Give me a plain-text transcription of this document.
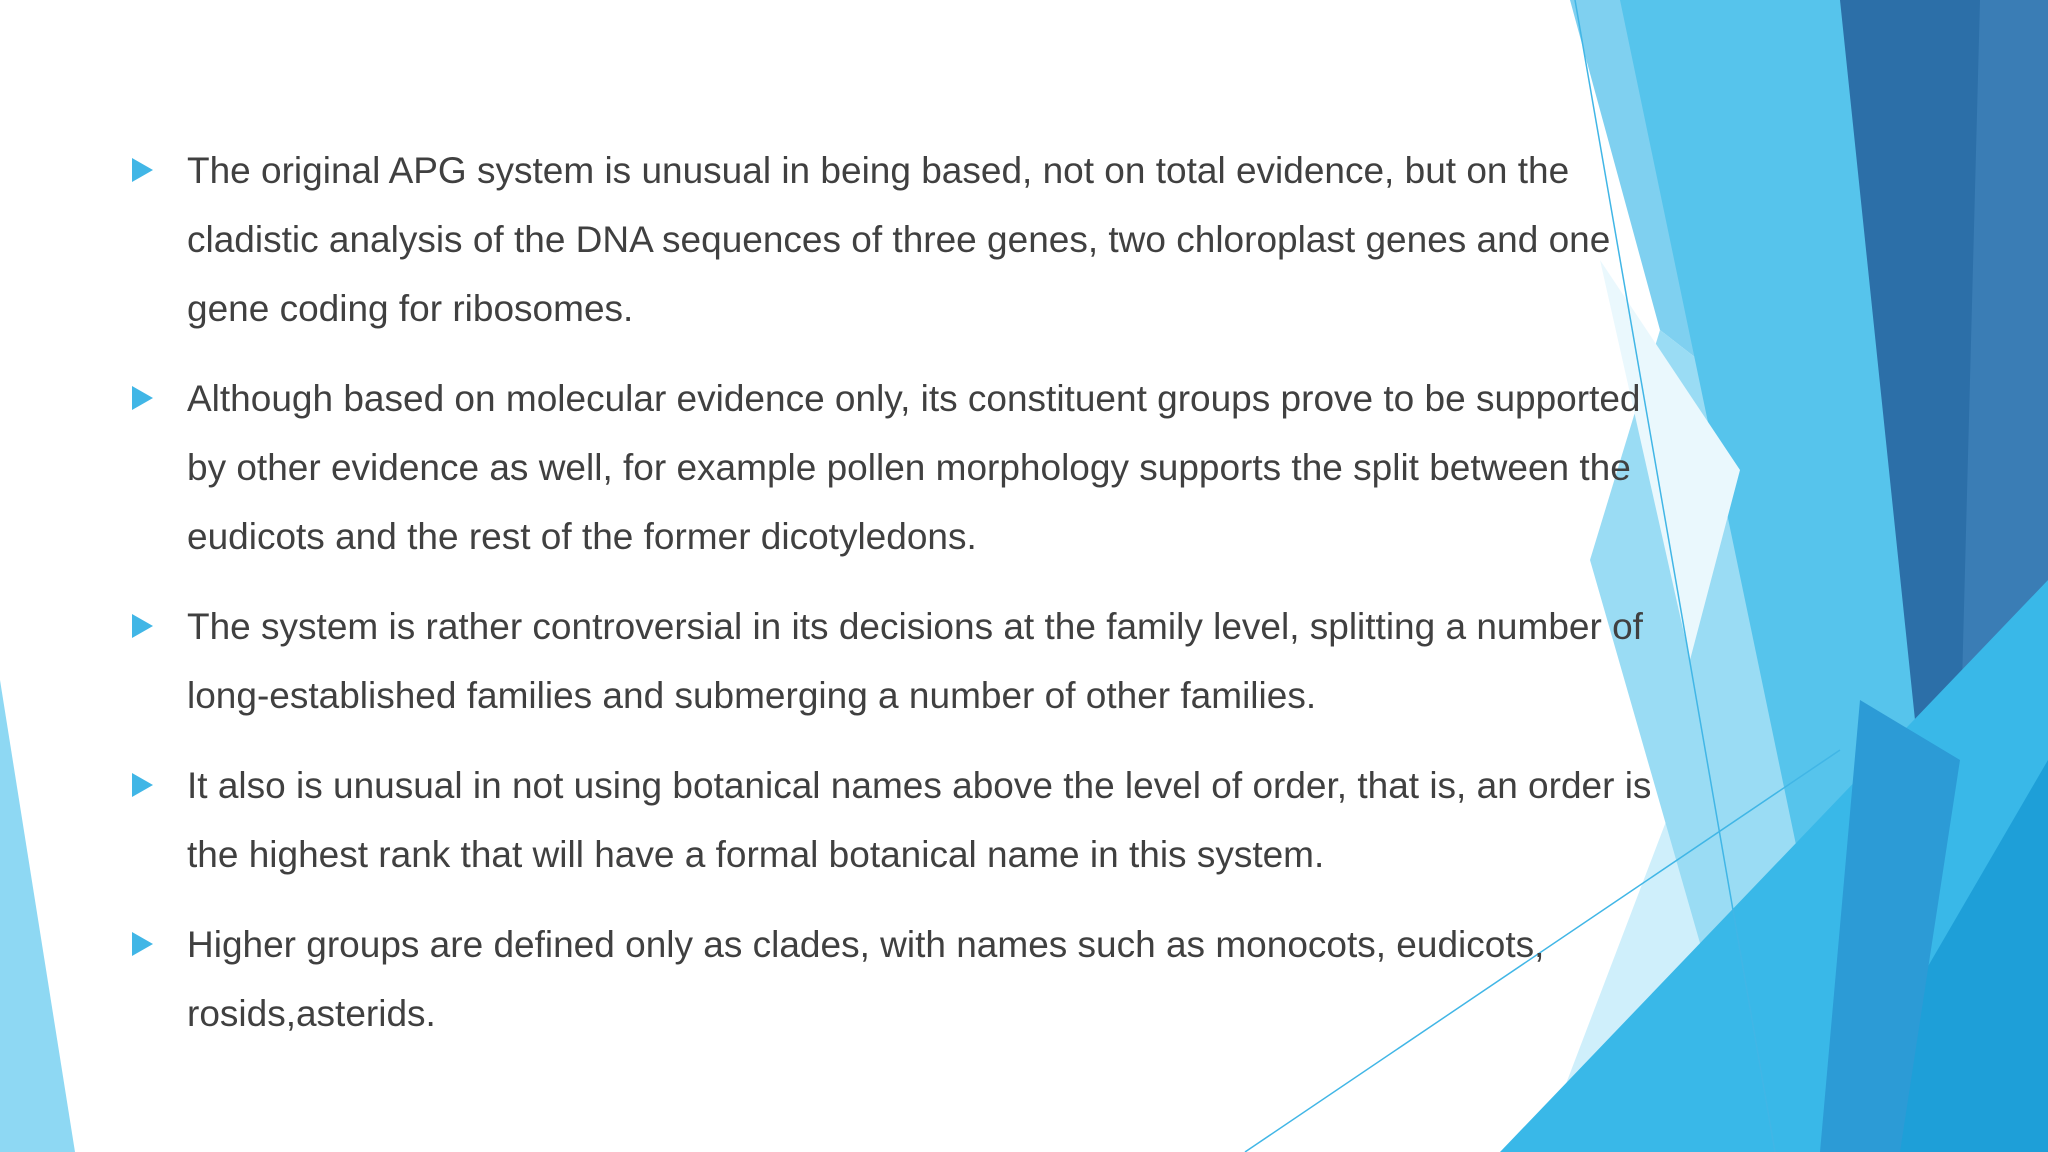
The original APG system is unusual in being based, not on total evidence, but on the cladistic analysis of the DNA sequences of three genes, two chloroplast genes and one gene coding for ribosomes.
Although based on molecular evidence only, its constituent groups prove to be supported by other evidence as well, for example pollen morphology supports the split between the eudicots and the rest of the former dicotyledons.
The system is rather controversial in its decisions at the family level, splitting a number of long-established families and submerging a number of other families.
It also is unusual in not using botanical names above the level of order, that is, an order is the highest rank that will have a formal botanical name in this system.
Higher groups are defined only as clades, with names such as monocots, eudicots, rosids,asterids.
